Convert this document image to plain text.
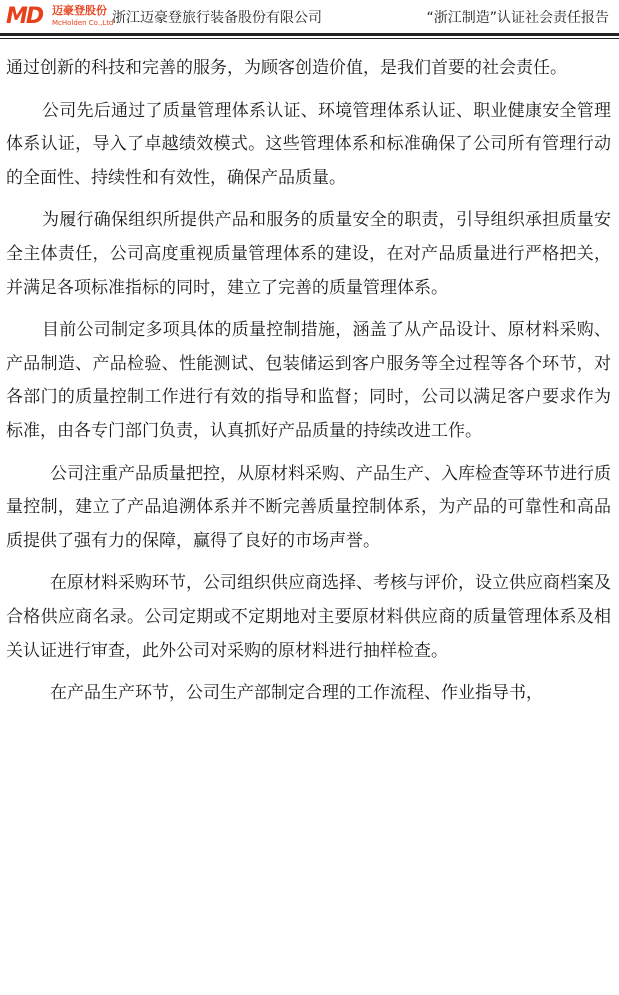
MD 迈豪登股份
McHolden Co.,Ltd
浙江迈豪登旅行装备股份有限公司	“浙江制造”认证社会责任报告

通过创新的科技和完善的服务，为顾客创造价值，是我们首要的社会责任。

公司先后通过了质量管理体系认证、环境管理体系认证、职业健康安全管理体系认证，导入了卓越绩效模式。这些管理体系和标准确保了公司所有管理行动的全面性、持续性和有效性，确保产品质量。

为履行确保组织所提供产品和服务的质量安全的职责，引导组织承担质量安全主体责任，公司高度重视质量管理体系的建设，在对产品质量进行严格把关，并满足各项标准指标的同时，建立了完善的质量管理体系。

目前公司制定多项具体的质量控制措施，涵盖了从产品设计、原材料采购、产品制造、产品检验、性能测试、包装储运到客户服务等全过程等各个环节，对各部门的质量控制工作进行有效的指导和监督；同时，公司以满足客户要求作为标准，由各专门部门负责，认真抓好产品质量的持续改进工作。

公司注重产品质量把控，从原材料采购、产品生产、入库检查等环节进行质量控制，建立了产品追溯体系并不断完善质量控制体系，为产品的可靠性和高品质提供了强有力的保障，赢得了良好的市场声誉。

在原材料采购环节，公司组织供应商选择、考核与评价，设立供应商档案及合格供应商名录。公司定期或不定期地对主要原材料供应商的质量管理体系及相关认证进行审查，此外公司对采购的原材料进行抽样检查。

在产品生产环节，公司生产部制定合理的工作流程、作业指导书，
